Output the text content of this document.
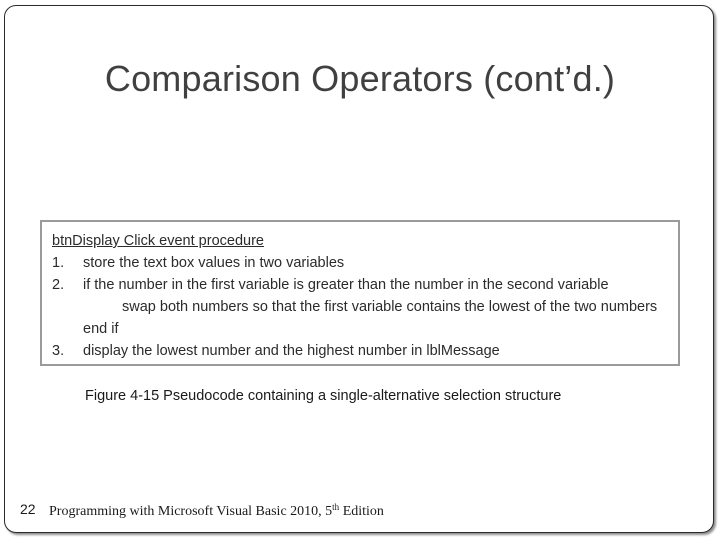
Comparison Operators (cont’d.)
btnDisplay Click event procedure
1. store the text box values in two variables
2. if the number in the first variable is greater than the number in the second variable
swap both numbers so that the first variable contains the lowest of the two numbers
end if
3. display the lowest number and the highest number in lblMessage
Figure 4-15 Pseudocode containing a single-alternative selection structure
22 Programming with Microsoft Visual Basic 2010, 5th Edition
